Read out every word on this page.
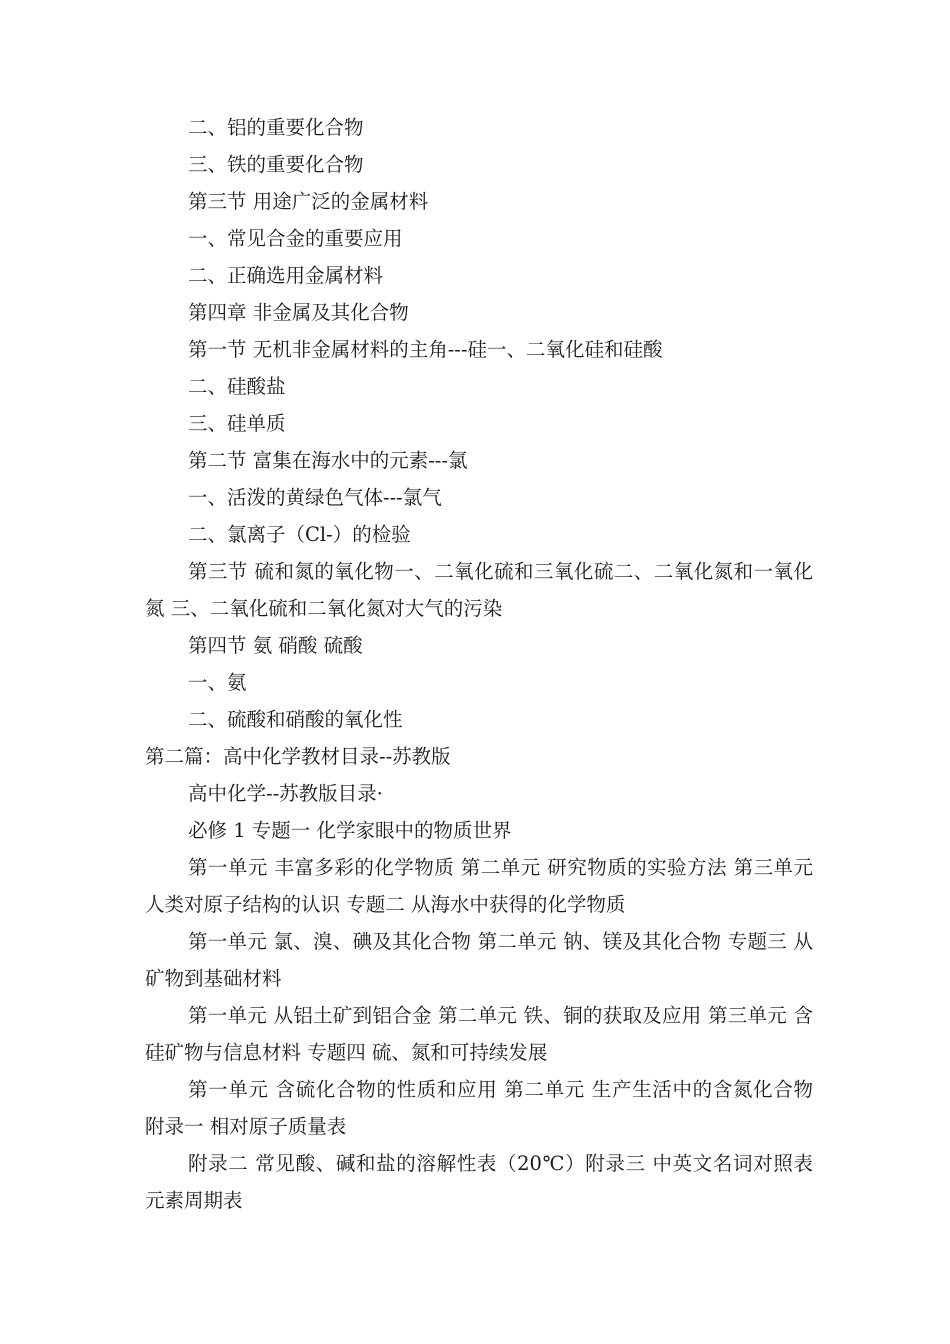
二、铝的重要化合物

三、铁的重要化合物

第三节 用途广泛的金属材料

一、常见合金的重要应用

二、正确选用金属材料

第四章 非金属及其化合物

第一节 无机非金属材料的主角---硅一、二氧化硅和硅酸

二、硅酸盐

三、硅单质

第二节 富集在海水中的元素---氯

一、活泼的黄绿色气体---氯气

二、氯离子（Cl-）的检验

第三节 硫和氮的氧化物一、二氧化硫和三氧化硫二、二氧化氮和一氧化氮 三、二氧化硫和二氧化氮对大气的污染

第四节 氨 硝酸 硫酸

一、氨

二、硫酸和硝酸的氧化性

第二篇：高中化学教材目录--苏教版

高中化学--苏教版目录·

必修 1 专题一 化学家眼中的物质世界

第一单元 丰富多彩的化学物质 第二单元 研究物质的实验方法 第三单元 人类对原子结构的认识 专题二 从海水中获得的化学物质

第一单元 氯、溴、碘及其化合物 第二单元 钠、镁及其化合物 专题三 从矿物到基础材料

第一单元 从铝土矿到铝合金 第二单元 铁、铜的获取及应用 第三单元 含硅矿物与信息材料 专题四 硫、氮和可持续发展

第一单元 含硫化合物的性质和应用 第二单元 生产生活中的含氮化合物 附录一 相对原子质量表

附录二 常见酸、碱和盐的溶解性表（20℃）附录三 中英文名词对照表 元素周期表
